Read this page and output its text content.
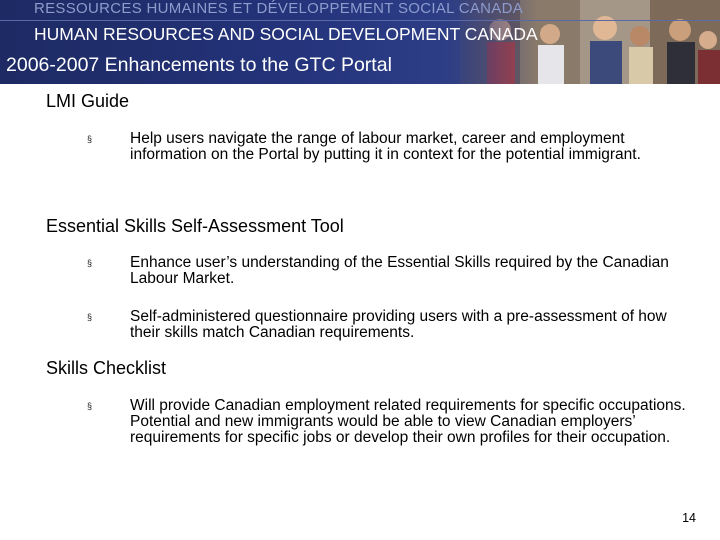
RESSOURCES HUMAINES ET DÉVELOPPEMENT SOCIAL CANADA
HUMAN RESOURCES AND SOCIAL DEVELOPMENT CANADA
2006-2007 Enhancements to the GTC Portal
LMI Guide
§ Help users navigate the range of labour market, career and employment information on the Portal by putting it in context for the potential immigrant.
Essential Skills Self-Assessment Tool
§ Enhance user’s understanding of the Essential Skills required by the Canadian Labour Market.
§ Self-administered questionnaire providing users with a pre-assessment of how their skills match Canadian requirements.
Skills Checklist
§ Will provide Canadian employment related requirements for specific occupations. Potential and new immigrants would be able to view Canadian employers’ requirements for specific jobs or develop their own profiles for their occupation.
14
